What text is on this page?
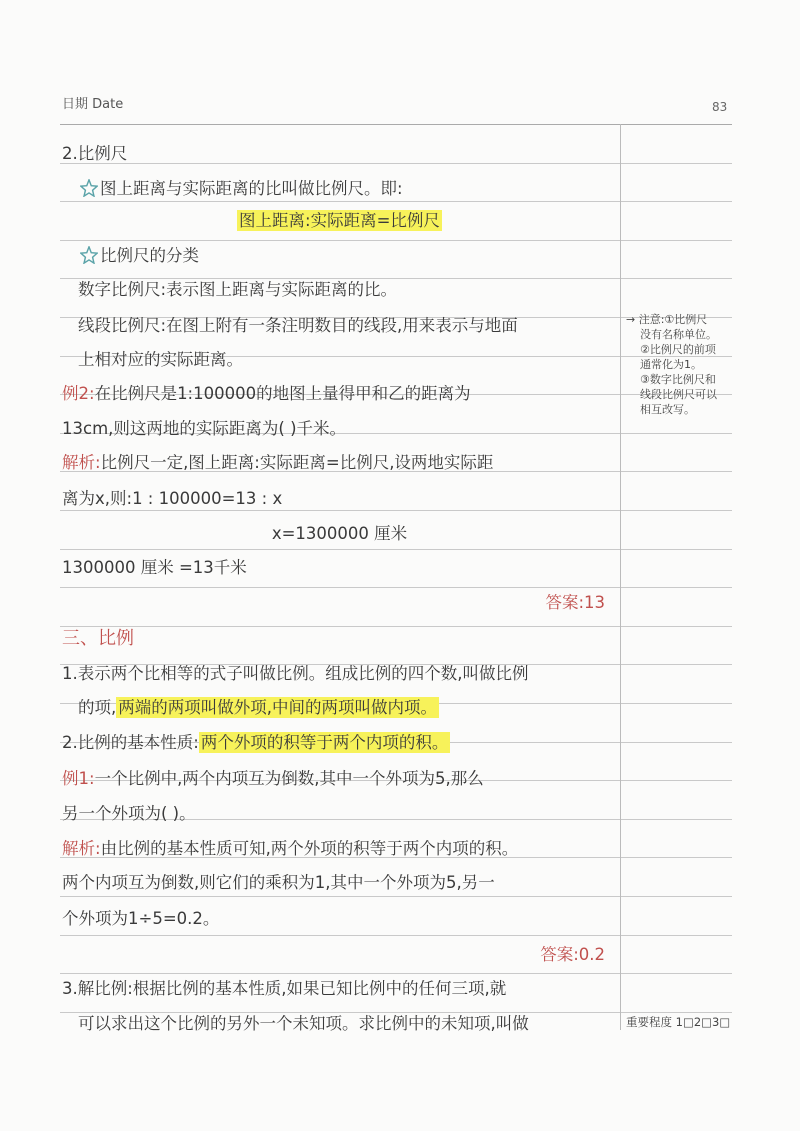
日期 Date	83
2.比例尺
图上距离与实际距离的比叫做比例尺。即:
图上距离:实际距离=比例尺
比例尺的分类
数字比例尺:表示图上距离与实际距离的比。
线段比例尺:在图上附有一条注明数目的线段,用来表示与地面
上相对应的实际距离。
例2:在比例尺是1:100000的地图上量得甲和乙的距离为
13cm,则这两地的实际距离为( )千米。
解析:比例尺一定,图上距离:实际距离=比例尺,设两地实际距
离为x,则:1 : 100000=13 : x
x=1300000 厘米
1300000 厘米 =13千米
答案:13
三、比例
1.表示两个比相等的式子叫做比例。组成比例的四个数,叫做比例
的项, 两端的两项叫做外项,中间的两项叫做内项。
2.比例的基本性质: 两个外项的积等于两个内项的积。
例1:一个比例中,两个内项互为倒数,其中一个外项为5,那么
另一个外项为( )。
解析:由比例的基本性质可知,两个外项的积等于两个内项的积。
两个内项互为倒数,则它们的乘积为1,其中一个外项为5,另一
个外项为1÷5=0.2。
答案:0.2
3.解比例:根据比例的基本性质,如果已知比例中的任何三项,就
可以求出这个比例的另外一个未知项。求比例中的未知项,叫做
→ 注意:①比例尺
没有名称单位。
②比例尺的前项
通常化为1。
③数字比例尺和
线段比例尺可以
相互改写。
重要程度 1□2□3□
